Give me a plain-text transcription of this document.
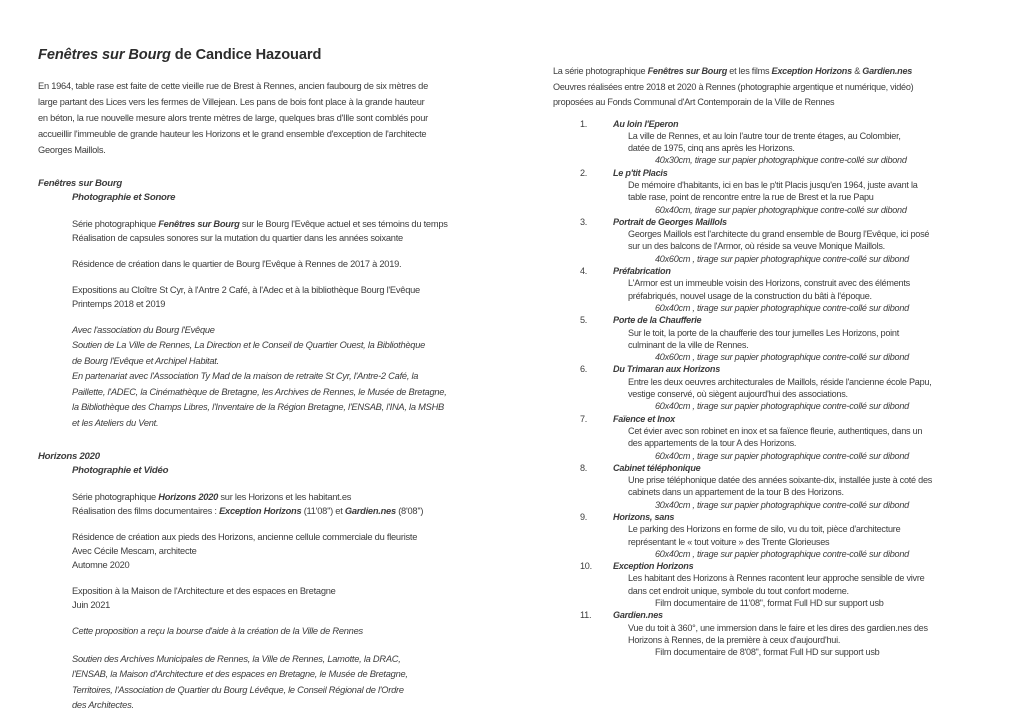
Fenêtres sur Bourg de Candice Hazouard
En 1964, table rase est faite de cette vieille rue de Brest à Rennes, ancien faubourg de six mètres de
large partant des Lices vers les fermes de Villejean. Les pans de bois font place à la grande hauteur
en béton, la rue nouvelle mesure alors trente mètres de large, quelques bras d'Ille sont comblés pour
accueillir l'immeuble de grande hauteur les Horizons et le grand ensemble d'exception de l'architecte
Georges Maillols.
Fenêtres sur Bourg
Photographie et Sonore
Série photographique Fenêtres sur Bourg sur le Bourg l'Evêque actuel et ses témoins du temps
Réalisation de capsules sonores sur la mutation du quartier dans les années soixante
Résidence de création dans le quartier de Bourg l'Evêque à Rennes de 2017 à 2019.
Expositions au Cloître St Cyr, à l'Antre 2 Café, à l'Adec et à la bibliothèque Bourg l'Evêque
Printemps 2018 et 2019
Avec l'association du Bourg l'Evêque
Soutien de La Ville de Rennes, La Direction et le Conseil de Quartier Ouest, la Bibliothèque
de Bourg l'Evêque et Archipel Habitat.
En partenariat avec l'Association Ty Mad de la maison de retraite St Cyr, l'Antre-2 Café, la
Paillette, l'ADEC, la Cinémathèque de Bretagne, les Archives de Rennes, le Musée de Bretagne,
la Bibliothèque des Champs Libres, l'Inventaire de la Région Bretagne, l'ENSAB, l'INA, la MSHB
et les Ateliers du Vent.
Horizons 2020
Photographie et Vidéo
Série photographique Horizons 2020 sur les Horizons et les habitant.es
Réalisation des films documentaires : Exception Horizons (11'08'') et Gardien.nes (8'08'')
Résidence de création aux pieds des Horizons, ancienne cellule commerciale du fleuriste
Avec Cécile Mescam, architecte
Automne 2020
Exposition à la Maison de l'Architecture et des espaces en Bretagne
Juin 2021
Cette proposition a reçu la bourse d'aide à la création de la Ville de Rennes
Soutien des Archives Municipales de Rennes, la Ville de Rennes, Lamotte, la DRAC,
l'ENSAB, la Maison d'Architecture et des espaces en Bretagne, le Musée de Bretagne,
Territoires, l'Association de Quartier du Bourg Lévêque, le Conseil Régional de l'Ordre
des Architectes.
La série photographique Fenêtres sur Bourg et les films Exception Horizons & Gardien.nes
Oeuvres réalisées entre 2018 et 2020 à Rennes (photographie argentique et numérique, vidéo)
proposées au Fonds Communal d'Art Contemporain de la Ville de Rennes
1.	Au loin l'Eperon
La ville de Rennes, et au loin l'autre tour de trente étages, au Colombier,
datée de 1975, cinq ans après les Horizons.
40x30cm, tirage sur papier photographique contre-collé sur dibond
2.	Le p'tit Placis
De mémoire d'habitants, ici en bas le p'tit Placis jusqu'en 1964, juste avant la
table rase, point de rencontre entre la rue de Brest et la rue Papu
60x40cm, tirage sur papier photographique contre-collé sur dibond
3.	Portrait de Georges Maillols
Georges Maillols est l'architecte du grand ensemble de Bourg l'Evêque, ici posé
sur un des balcons de l'Armor, où réside sa veuve Monique Maillols.
40x60cm , tirage sur papier photographique contre-collé sur dibond
4.	Préfabrication
L'Armor est un immeuble voisin des Horizons, construit avec des éléments
préfabriqués, nouvel usage de la construction du bâti à l'époque.
60x40cm , tirage sur papier photographique contre-collé sur dibond
5.	Porte de la Chaufferie
Sur le toit, la porte de la chaufferie des tour jumelles Les Horizons, point
culminant de la ville de Rennes.
40x60cm , tirage sur papier photographique contre-collé sur dibond
6.	Du Trimaran aux Horizons
Entre les deux oeuvres architecturales de Maillols, réside l'ancienne école Papu,
vestige conservé, où siègent aujourd'hui des associations.
60x40cm , tirage sur papier photographique contre-collé sur dibond
7.	Faïence et Inox
Cet évier avec son robinet en inox et sa faïence fleurie, authentiques, dans un
des appartements de la tour A des Horizons.
60x40cm , tirage sur papier photographique contre-collé sur dibond
8.	Cabinet téléphonique
Une prise téléphonique datée des années soixante-dix, installée juste à coté des
cabinets dans un appartement de la tour B des Horizons.
30x40cm , tirage sur papier photographique contre-collé sur dibond
9.	Horizons, sans
Le parking des Horizons en forme de silo, vu du toit, pièce d'architecture
représentant le « tout voiture » des Trente Glorieuses
60x40cm , tirage sur papier photographique contre-collé sur dibond
10.	Exception Horizons
Les habitant des Horizons à Rennes racontent leur approche sensible de vivre
dans cet endroit unique, symbole du tout confort moderne.
Film documentaire de 11'08'', format Full HD sur support usb
11.	Gardien.nes
Vue du toit à 360°, une immersion dans le faire et les dires des gardien.nes des
Horizons à Rennes, de la première à ceux d'aujourd'hui.
Film documentaire de 8'08'', format Full HD sur support usb
